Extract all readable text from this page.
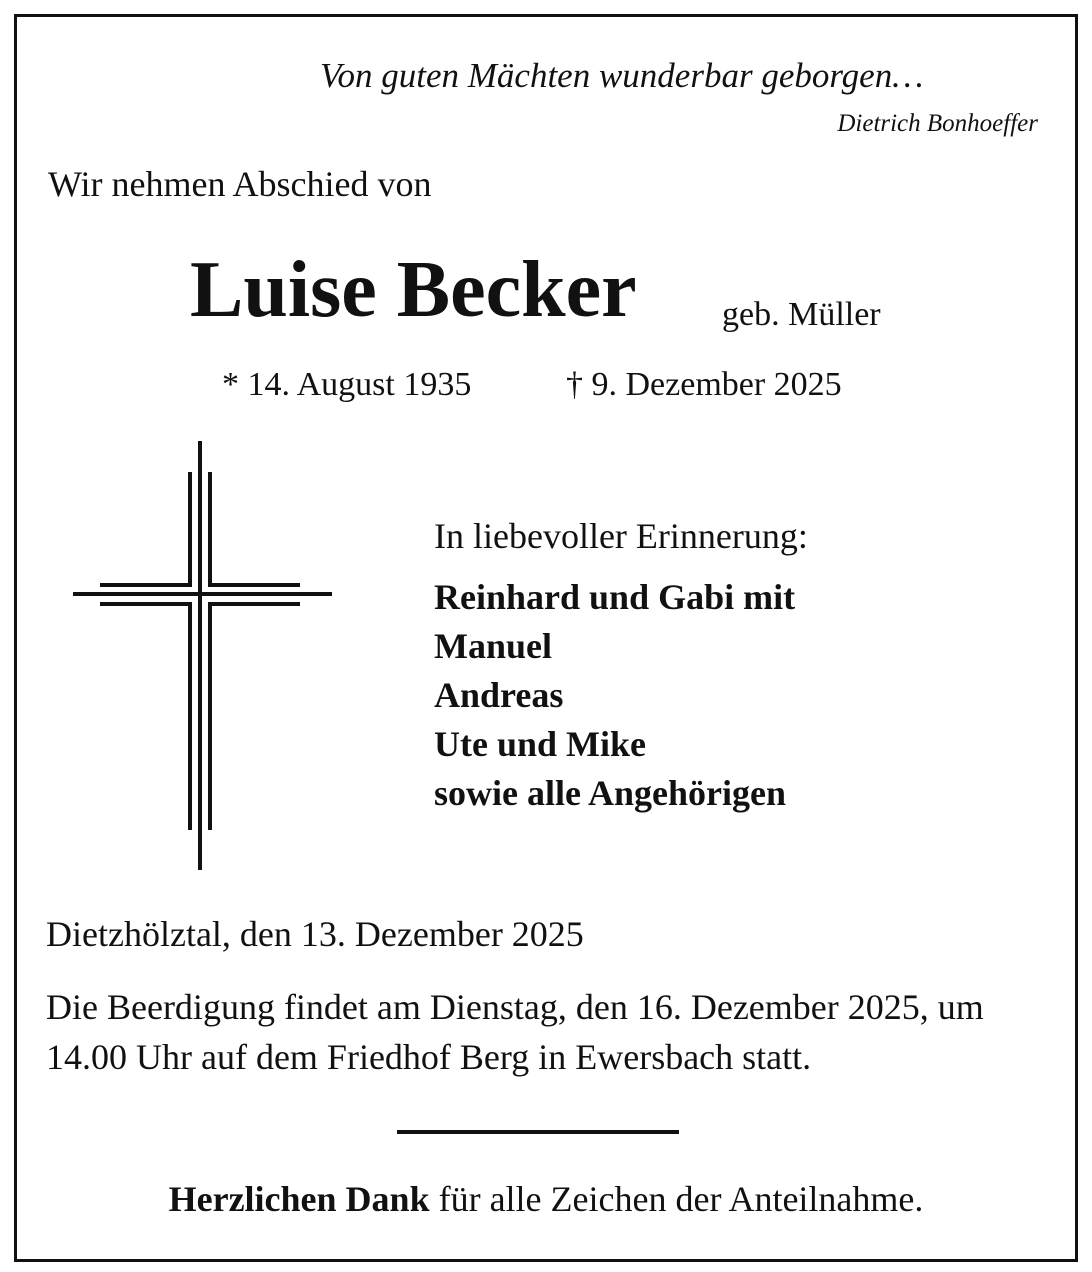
Von guten Mächten wunderbar geborgen…
Dietrich Bonhoeffer
Wir nehmen Abschied von
Luise Becker	geb. Müller
* 14. August 1935	† 9. Dezember 2025
In liebevoller Erinnerung:
Reinhard und Gabi mit
Manuel
Andreas
Ute und Mike
sowie alle Angehörigen
Dietzhölztal, den 13. Dezember 2025
Die Beerdigung findet am Dienstag, den 16. Dezember 2025, um 14.00 Uhr auf dem Friedhof Berg in Ewersbach statt.
Herzlichen Dank für alle Zeichen der Anteilnahme.
